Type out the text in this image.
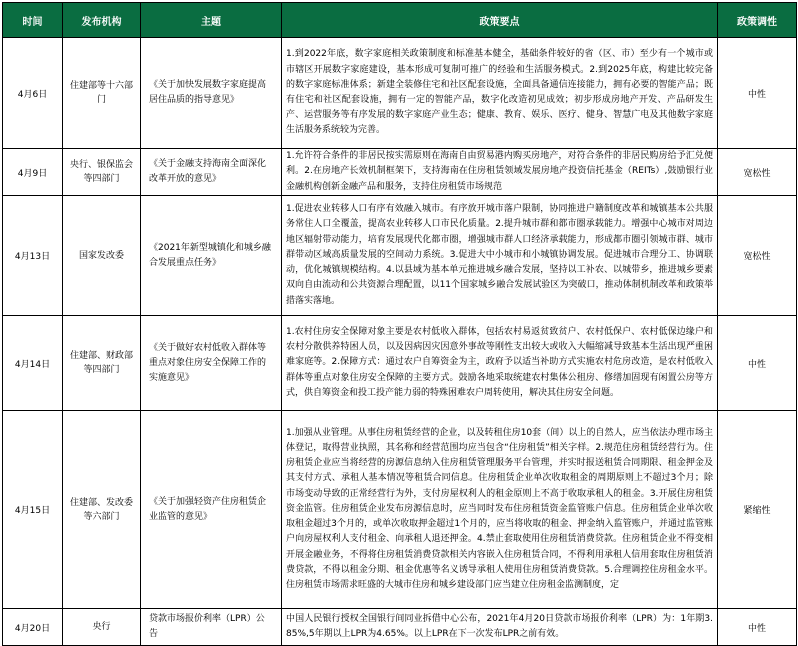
时间	发布机构	主题	政策要点	政策调性
4月6日	住建部等十六部门	《关于加快发展数字家庭提高居住品质的指导意见》	1.到2022年底，数字家庭相关政策制度和标准基本健全，基础条件较好的省（区、市）至少有一个城市或市辖区开展数字家庭建设，基本形成可复制可推广的经验和生活服务模式。2.到2025年底，构建比较完备的数字家庭标准体系；新建全装修住宅和社区配套设施，全面具备通信连接能力，拥有必要的智能产品；既有住宅和社区配套设施，拥有一定的智能产品，数字化改造初见成效；初步形成房地产开发、产品研发生产、运营服务等有序发展的数字家庭产业生态；健康、教育、娱乐、医疗、健身、智慧广电及其他数字家庭生活服务系统较为完善。	中性
4月9日	央行、银保监会等四部门	《关于金融支持海南全面深化改革开放的意见》	1.允许符合条件的非居民按实需原则在海南自由贸易港内购买房地产，对符合条件的非居民购房给予汇兑便利。2.在房地产长效机制框架下，支持海南在住房租赁领域发展房地产投资信托基金（REITs）,鼓励银行业金融机构创新金融产品和服务，支持住房租赁市场规范	宽松性
4月13日	国家发改委	《2021年新型城镇化和城乡融合发展重点任务》	1.促进农业转移人口有序有效融入城市。有序放开城市落户限制，协同推进户籍制度改革和城镇基本公共服务常住人口全覆盖，提高农业转移人口市民化质量。2.提升城市群和都市圈承载能力。增强中心城市对周边地区辐射带动能力，培育发展现代化都市圈，增强城市群人口经济承载能力，形成都市圈引领城市群、城市群带动区域高质量发展的空间动力系统。3.促进大中小城市和小城镇协调发展。促进城市合理分工、协调联动，优化城镇规模结构。4.以县域为基本单元推进城乡融合发展，坚持以工补农、以城带乡，推进城乡要素双向自由流动和公共资源合理配置，以11个国家城乡融合发展试验区为突破口，推动体制机制改革和政策举措落实落地。	宽松性
4月14日	住建部、财政部等四部门	《关于做好农村低收入群体等重点对象住房安全保障工作的实施意见》	1.农村住房安全保障对象主要是农村低收入群体，包括农村易返贫致贫户、农村低保户、农村低保边缘户和农村分散供养特困人员，以及因病因灾因意外事故等刚性支出较大或收入大幅缩减导致基本生活出现严重困难家庭等。2.保障方式：通过农户自筹资金为主，政府予以适当补助方式实施农村危房改造，是农村低收入群体等重点对象住房安全保障的主要方式。鼓励各地采取统建农村集体公租房、修缮加固现有闲置公房等方式，供自筹资金和投工投产能力弱的特殊困难农户周转使用，解决其住房安全问题。	中性
4月15日	住建部、发改委等六部门	《关于加强轻资产住房租赁企业监管的意见》	1.加强从业管理。从事住房租赁经营的企业，以及转租住房10套（间）以上的自然人，应当依法办理市场主体登记，取得营业执照，其名称和经营范围均应当包含“住房租赁”相关字样。2.规范住房租赁经营行为。住房租赁企业应当将经营的房源信息纳入住房租赁管理服务平台管理，并实时报送租赁合同期限、租金押金及其支付方式、承租人基本情况等租赁合同信息。住房租赁企业单次收取租金的周期原则上不超过3个月；除市场变动导致的正常经营行为外，支付房屋权利人的租金原则上不高于收取承租人的租金。3.开展住房租赁资金监管。住房租赁企业发布房源信息时，应当同时发布住房租赁资金监管账户信息。住房租赁企业单次收取租金超过3个月的，或单次收取押金超过1个月的，应当将收取的租金、押金纳入监管账户，并通过监管账户向房屋权利人支付租金、向承租人退还押金。4.禁止套取使用住房租赁消费贷款。住房租赁企业不得变相开展金融业务，不得将住房租赁消费贷款相关内容嵌入住房租赁合同，不得利用承租人信用套取住房租赁消费贷款，不得以租金分期、租金优惠等名义诱导承租人使用住房租赁消费贷款。5.合理调控住房租金水平。住房租赁市场需求旺盛的大城市住房和城乡建设部门应当建立住房租金监测制度，定	紧缩性
4月20日	央行	贷款市场报价利率（LPR）公告	中国人民银行授权全国银行间同业拆借中心公布，2021年4月20日贷款市场报价利率（LPR）为：1年期3.85%,5年期以上LPR为4.65%。以上LPR在下一次发布LPR之前有效。	中性
